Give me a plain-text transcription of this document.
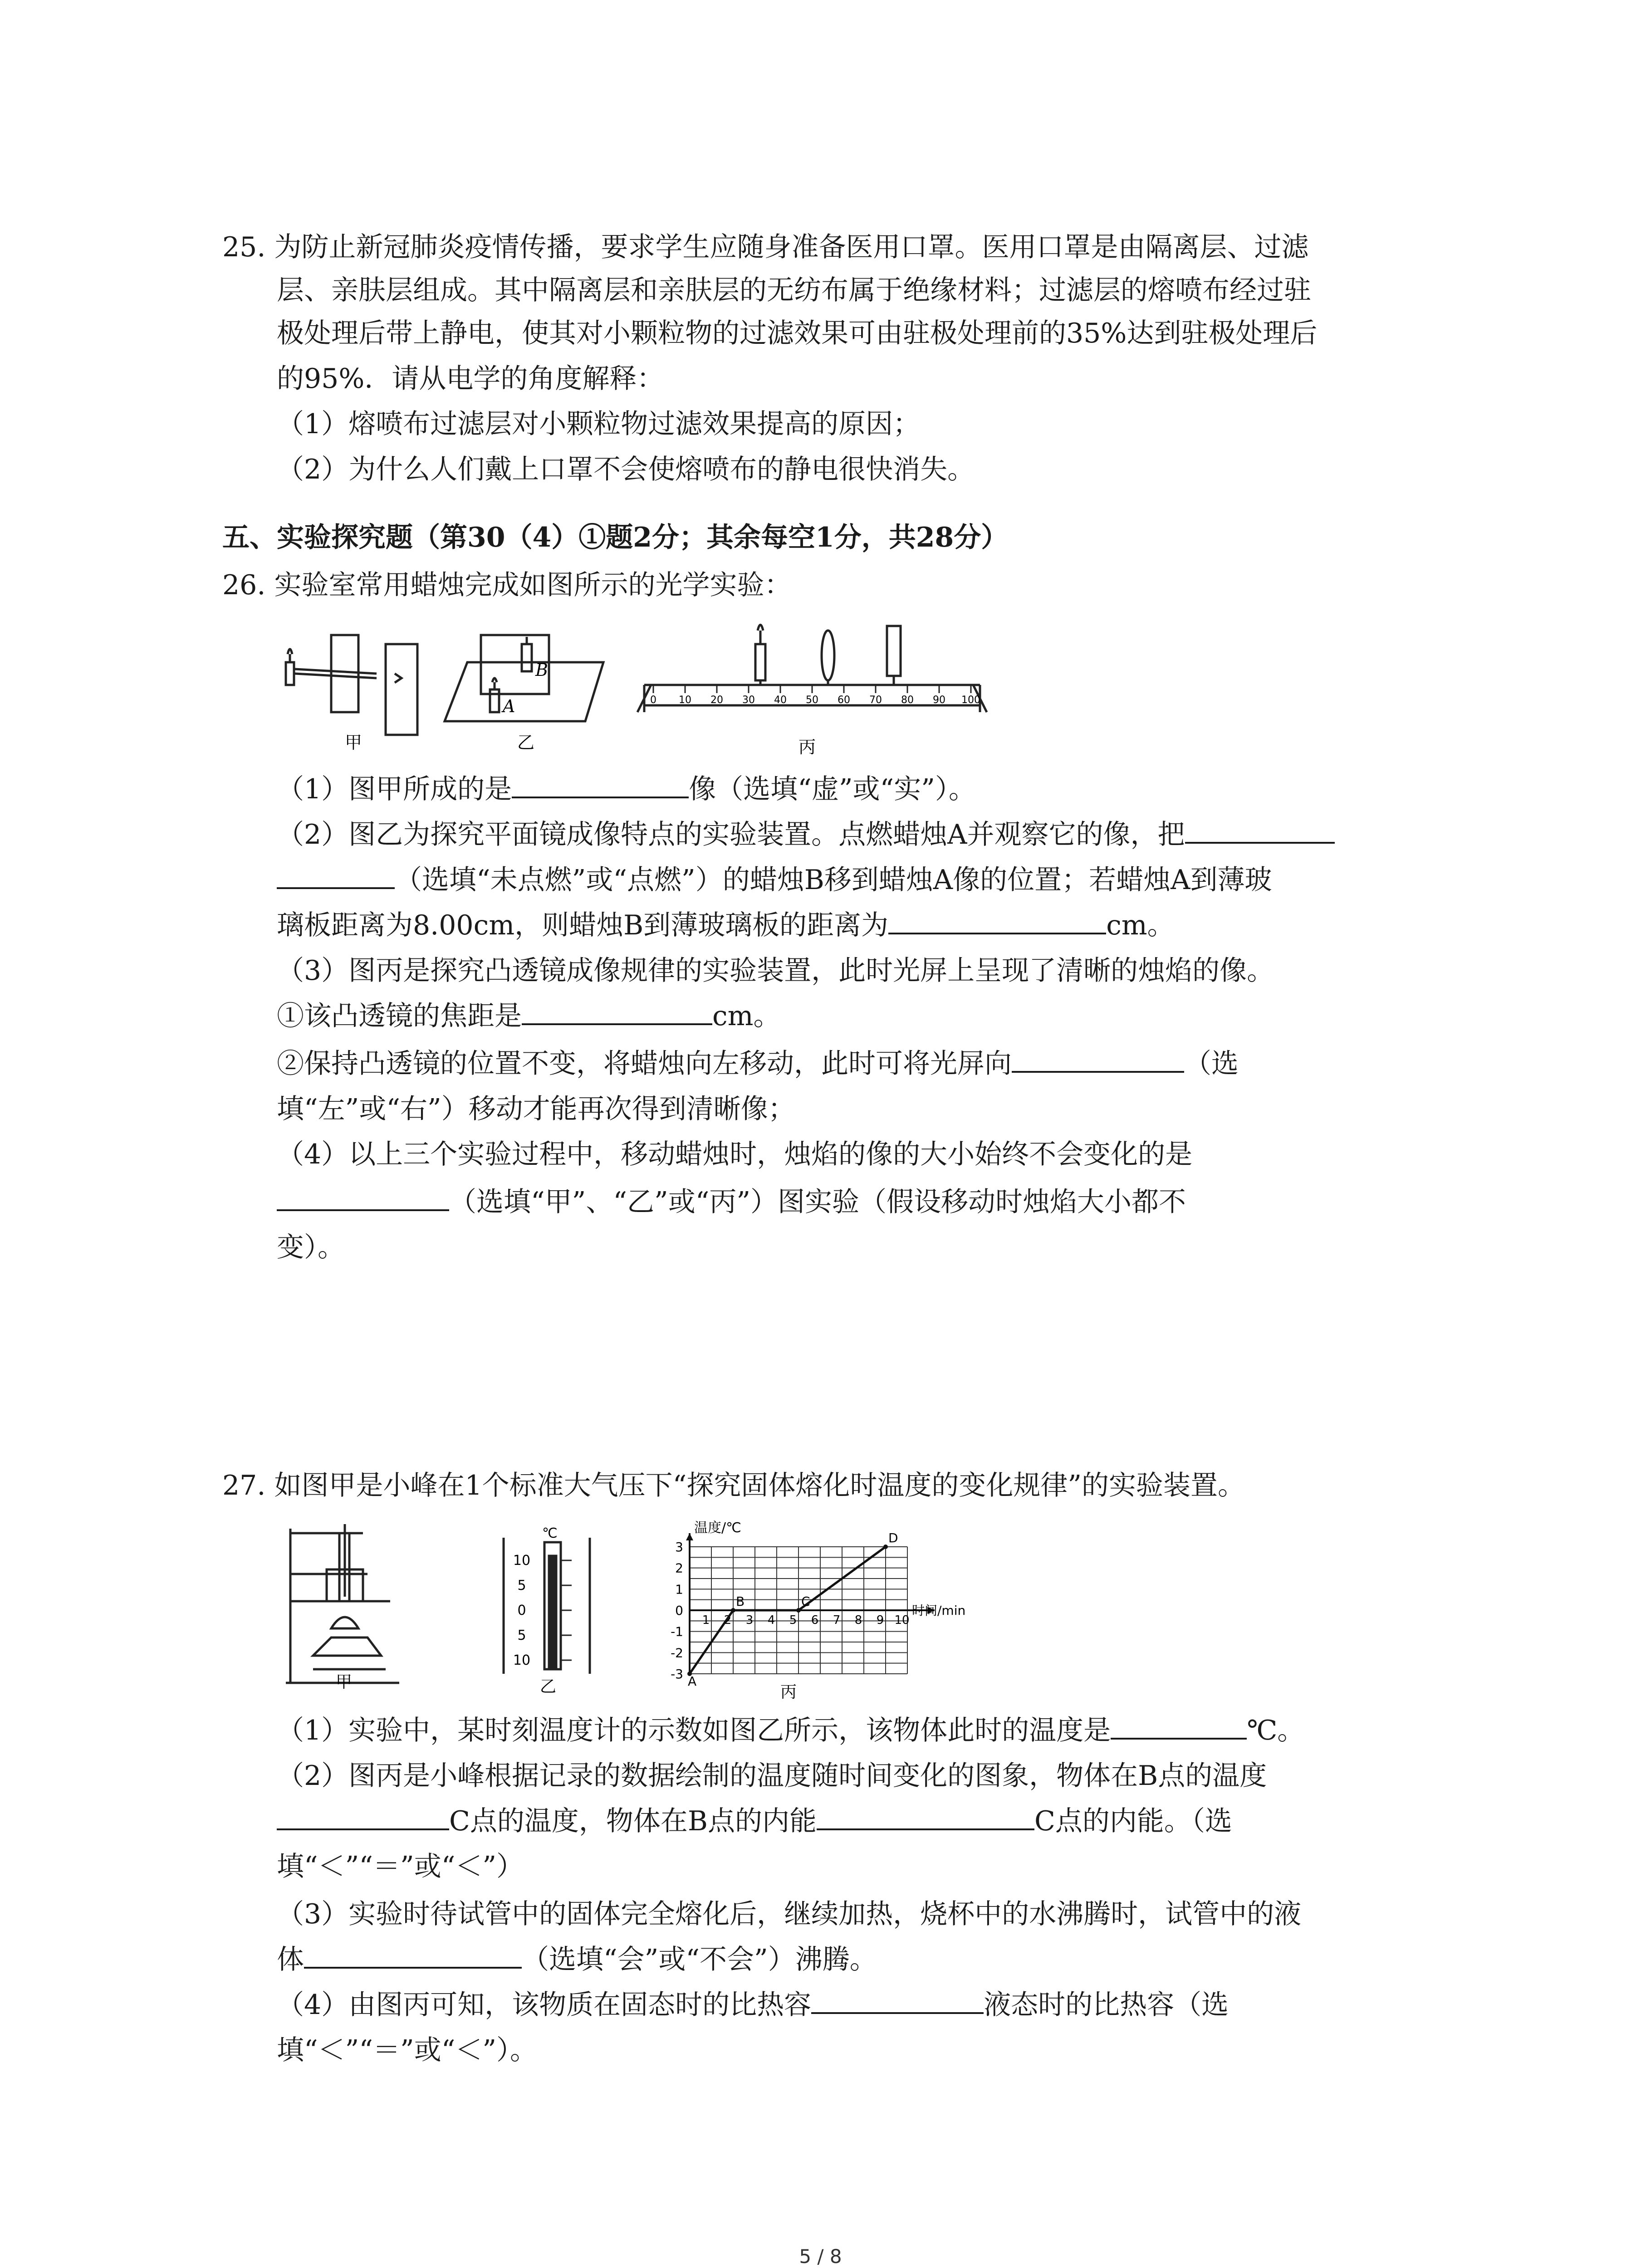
25. 为防止新冠肺炎疫情传播，要求学生应随身准备医用口罩。医用口罩是由隔离层、过滤
层、亲肤层组成。其中隔离层和亲肤层的无纺布属于绝缘材料；过滤层的熔喷布经过驻
极处理后带上静电，使其对小颗粒物的过滤效果可由驻极处理前的35%达到驻极处理后
的95%．请从电学的角度解释：
（1）熔喷布过滤层对小颗粒物过滤效果提高的原因；
（2）为什么人们戴上口罩不会使熔喷布的静电很快消失。
五、实验探究题（第30（4）①题2分；其余每空1分，共28分）
26. 实验室常用蜡烛完成如图所示的光学实验：
甲
B
A
乙
0 10 20 30 40 50 60 70 80 90 100
丙
（1）图甲所成的是	像（选填“虚”或“实”）。
（2）图乙为探究平面镜成像特点的实验装置。点燃蜡烛A并观察它的像，把
（选填“未点燃”或“点燃”）的蜡烛B移到蜡烛A像的位置；若蜡烛A到薄玻
璃板距离为8.00cm，则蜡烛B到薄玻璃板的距离为	cm。
（3）图丙是探究凸透镜成像规律的实验装置，此时光屏上呈现了清晰的烛焰的像。
①该凸透镜的焦距是	cm。
②保持凸透镜的位置不变，将蜡烛向左移动，此时可将光屏向	（选
填“左”或“右”）移动才能再次得到清晰像；
（4）以上三个实验过程中，移动蜡烛时，烛焰的像的大小始终不会变化的是
（选填“甲”、“乙”或“丙”）图实验（假设移动时烛焰大小都不
变）。
27. 如图甲是小峰在1个标准大气压下“探究固体熔化时温度的变化规律”的实验装置。
甲
10
5
0
5
10
℃
乙
3
2
1
0
-1
-2
-3
1 2 3 4 5 6 7 8 9 10
A
B	C
D
温度/℃
时间/min
丙
（1）实验中，某时刻温度计的示数如图乙所示，该物体此时的温度是	℃。
（2）图丙是小峰根据记录的数据绘制的温度随时间变化的图象，物体在B点的温度
C点的温度，物体在B点的内能	C点的内能。（选
填“＜”“＝”或“＜”）
（3）实验时待试管中的固体完全熔化后，继续加热，烧杯中的水沸腾时，试管中的液
体	（选填“会”或“不会”）沸腾。
（4）由图丙可知，该物质在固态时的比热容	液态时的比热容（选
填“＜”“＝”或“＜”）。
5 / 8
